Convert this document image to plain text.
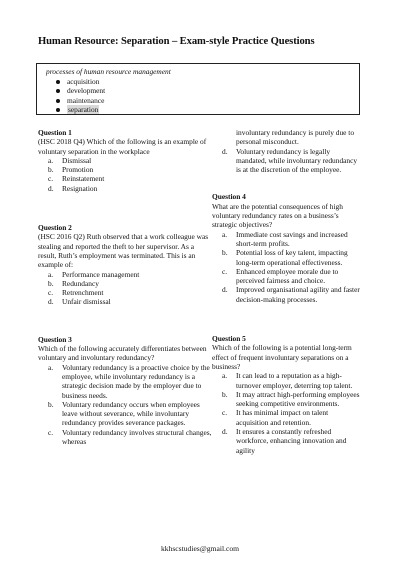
Human Resource: Separation – Exam-style Practice Questions
processes of human resource management
acquisition
development
maintenance
separation
Question 1
(HSC 2018 Q4) Which of the following is an example of voluntary separation in the workplace
a. Dismissal
b. Promotion
c. Reinstatement
d. Resignation
Question 2
(HSC 2016 Q2) Ruth observed that a work colleague was stealing and reported the theft to her supervisor. As a result, Ruth’s employment was terminated. This is an example of:
a. Performance management
b. Redundancy
c. Retrenchment
d. Unfair dismissal
Question 3
Which of the following accurately differentiates between voluntary and involuntary redundancy?
a. Voluntary redundancy is a proactive choice by the employee, while involuntary redundancy is a strategic decision made by the employer due to business needs.
b. Voluntary redundancy occurs when employees leave without severance, while involuntary redundancy provides severance packages.
c. Voluntary redundancy involves structural changes, whereas
involuntary redundancy is purely due to personal misconduct.
d. Voluntary redundancy is legally mandated, while involuntary redundancy is at the discretion of the employee.
Question 4
What are the potential consequences of high voluntary redundancy rates on a business’s strategic objectives?
a. Immediate cost savings and increased short-term profits.
b. Potential loss of key talent, impacting long-term operational effectiveness.
c. Enhanced employee morale due to perceived fairness and choice.
d. Improved organisational agility and faster decision-making processes.
Question 5
Which of the following is a potential long-term effect of frequent involuntary separations on a business?
a. It can lead to a reputation as a high-turnover employer, deterring top talent.
b. It may attract high-performing employees seeking competitive environments.
c. It has minimal impact on talent acquisition and retention.
d. It ensures a constantly refreshed workforce, enhancing innovation and agility
kkhscstudies@gmail.com
